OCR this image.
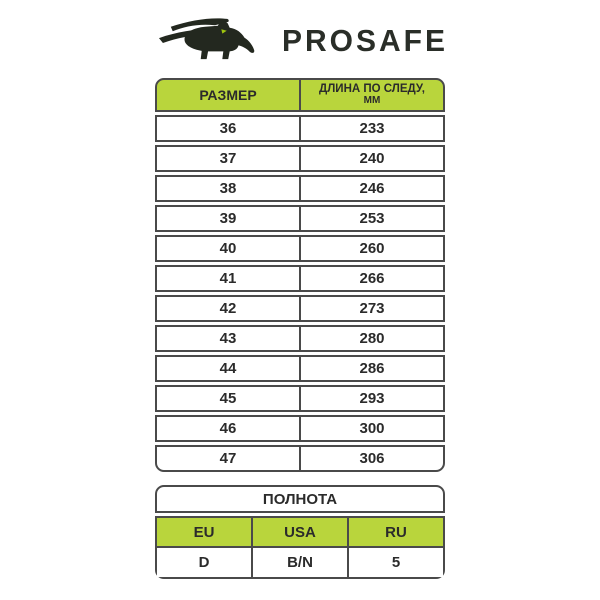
PROSAFE
РАЗМЕР	ДЛИНА ПО СЛЕДУ,
ММ
36	233
37	240
38	246
39	253
40	260
41	266
42	273
43	280
44	286
45	293
46	300
47	306
ПОЛНОТА
EU	USA	RU
D	B/N	5
